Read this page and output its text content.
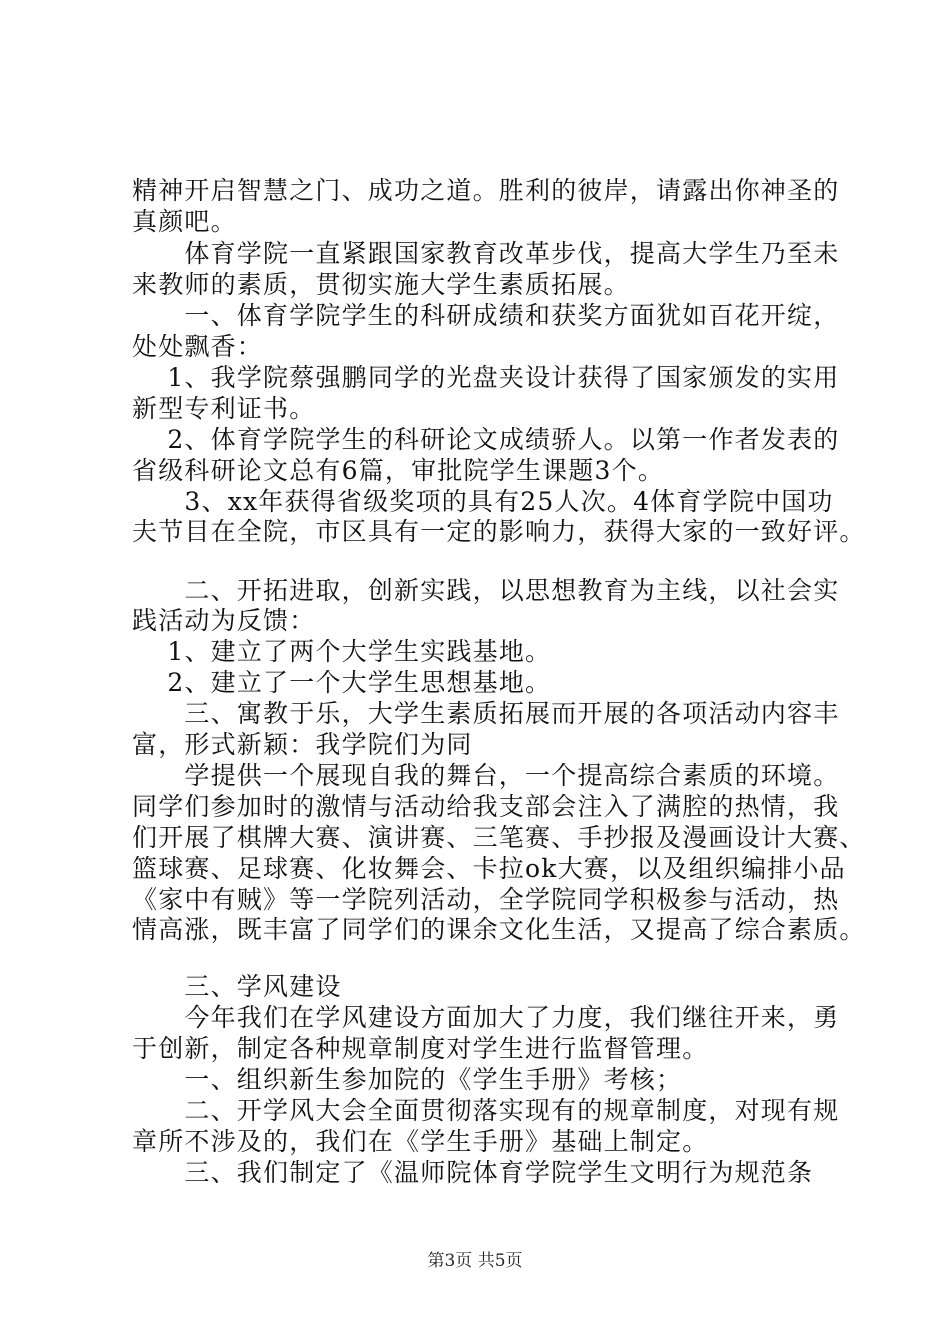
精神开启智慧之门、成功之道。胜利的彼岸，请露出你神圣的
真颜吧。
　　体育学院一直紧跟国家教育改革步伐，提高大学生乃至未
来教师的素质，贯彻实施大学生素质拓展。
　　一、体育学院学生的科研成绩和获奖方面犹如百花开绽，
处处飘香：
　 1、我学院蔡强鹏同学的光盘夹设计获得了国家颁发的实用
新型专利证书。
　 2、体育学院学生的科研论文成绩骄人。以第一作者发表的
省级科研论文总有6篇，审批院学生课题3个。
　　3、xx年获得省级奖项的具有25人次。4体育学院中国功
夫节目在全院，市区具有一定的影响力，获得大家的一致好评。
　　二、开拓进取，创新实践，以思想教育为主线，以社会实
践活动为反馈：
　 1、建立了两个大学生实践基地。
　 2、建立了一个大学生思想基地。
　　三、寓教于乐，大学生素质拓展而开展的各项活动内容丰
富，形式新颖：我学院们为同
　　学提供一个展现自我的舞台，一个提高综合素质的环境。
同学们参加时的激情与活动给我支部会注入了满腔的热情，我
们开展了棋牌大赛、演讲赛、三笔赛、手抄报及漫画设计大赛、
篮球赛、足球赛、化妆舞会、卡拉ok大赛，以及组织编排小品
《家中有贼》等一学院列活动，全学院同学积极参与活动，热
情高涨，既丰富了同学们的课余文化生活，又提高了综合素质。
　　三、学风建设
　　今年我们在学风建设方面加大了力度，我们继往开来，勇
于创新，制定各种规章制度对学生进行监督管理。
　　一、组织新生参加院的《学生手册》考核；
　　二、开学风大会全面贯彻落实现有的规章制度，对现有规
章所不涉及的，我们在《学生手册》基础上制定。
　　三、我们制定了《温师院体育学院学生文明行为规范条
第3页 共5页
